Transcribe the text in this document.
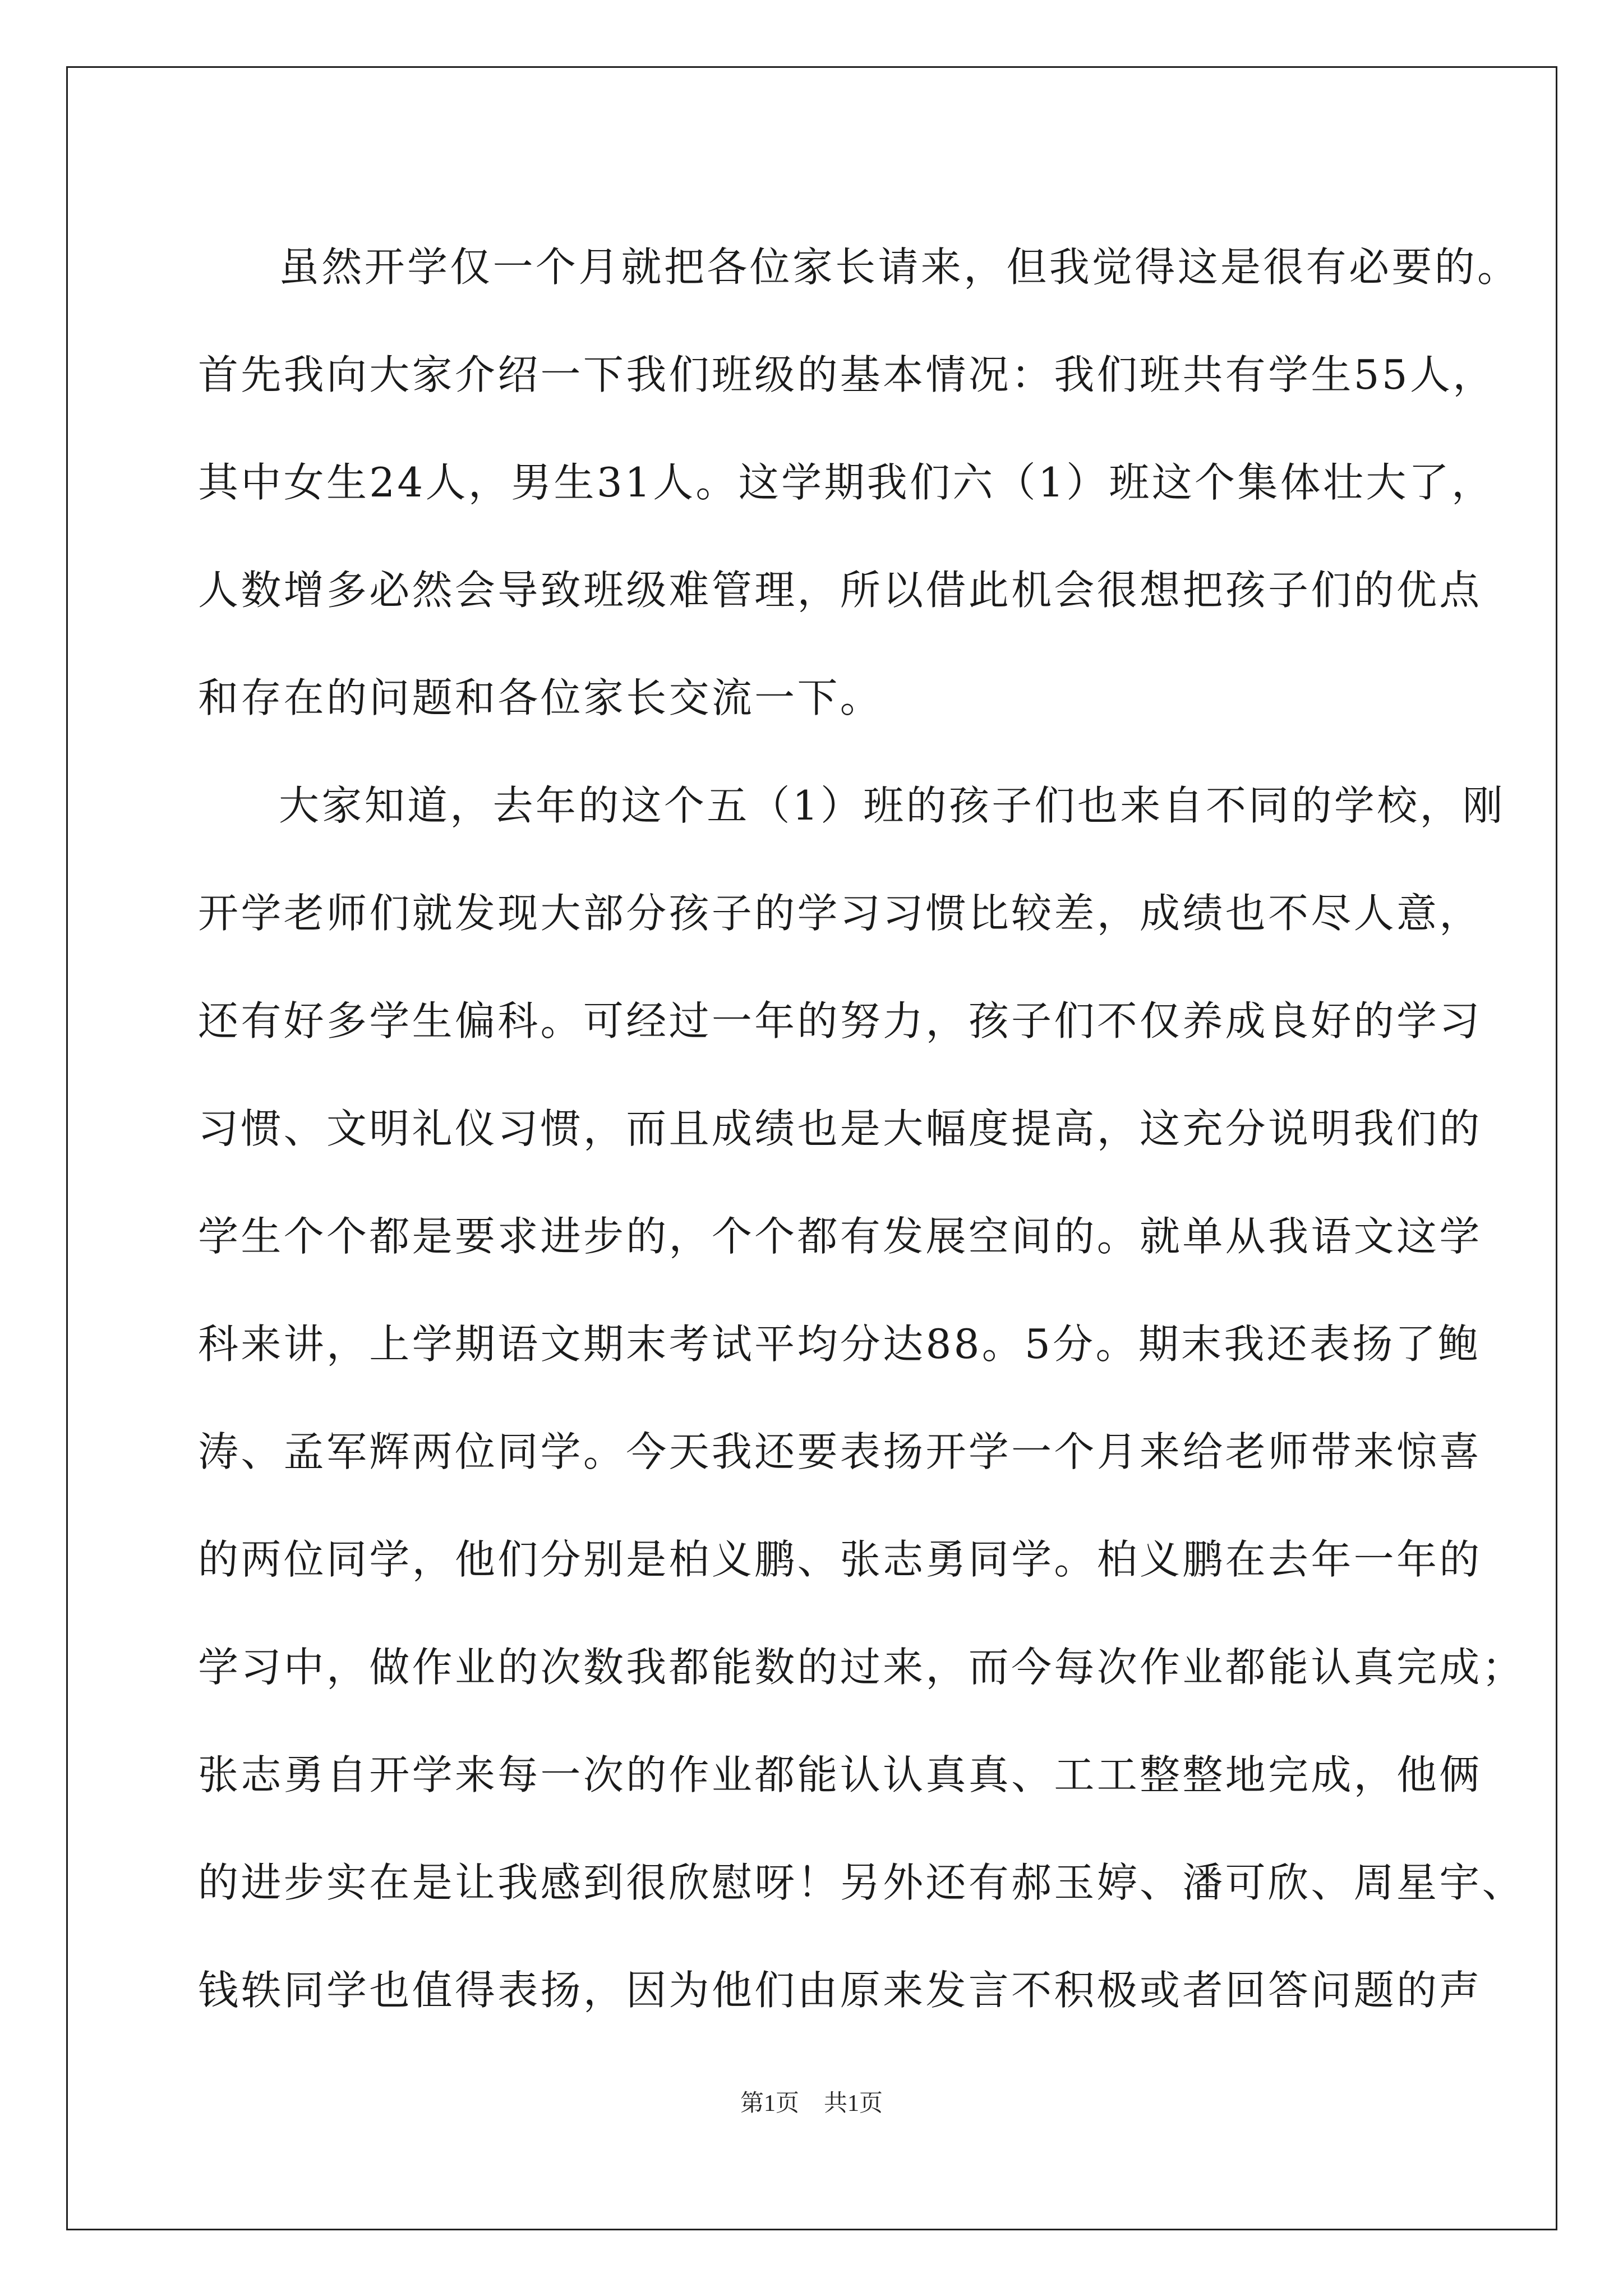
虽然开学仅一个月就把各位家长请来，但我觉得这是很有必要的。
首先我向大家介绍一下我们班级的基本情况：我们班共有学生55人，
其中女生24人，男生31人。这学期我们六（1）班这个集体壮大了，
人数增多必然会导致班级难管理，所以借此机会很想把孩子们的优点
和存在的问题和各位家长交流一下。
大家知道，去年的这个五（1）班的孩子们也来自不同的学校，刚
开学老师们就发现大部分孩子的学习习惯比较差，成绩也不尽人意，
还有好多学生偏科。可经过一年的努力，孩子们不仅养成良好的学习
习惯、文明礼仪习惯，而且成绩也是大幅度提高，这充分说明我们的
学生个个都是要求进步的，个个都有发展空间的。就单从我语文这学
科来讲，上学期语文期末考试平均分达88。5分。期末我还表扬了鲍
涛、孟军辉两位同学。今天我还要表扬开学一个月来给老师带来惊喜
的两位同学，他们分别是柏义鹏、张志勇同学。柏义鹏在去年一年的
学习中，做作业的次数我都能数的过来，而今每次作业都能认真完成；
张志勇自开学来每一次的作业都能认认真真、工工整整地完成，他俩
的进步实在是让我感到很欣慰呀！另外还有郝玉婷、潘可欣、周星宇、
钱轶同学也值得表扬，因为他们由原来发言不积极或者回答问题的声
第1页 共1页
